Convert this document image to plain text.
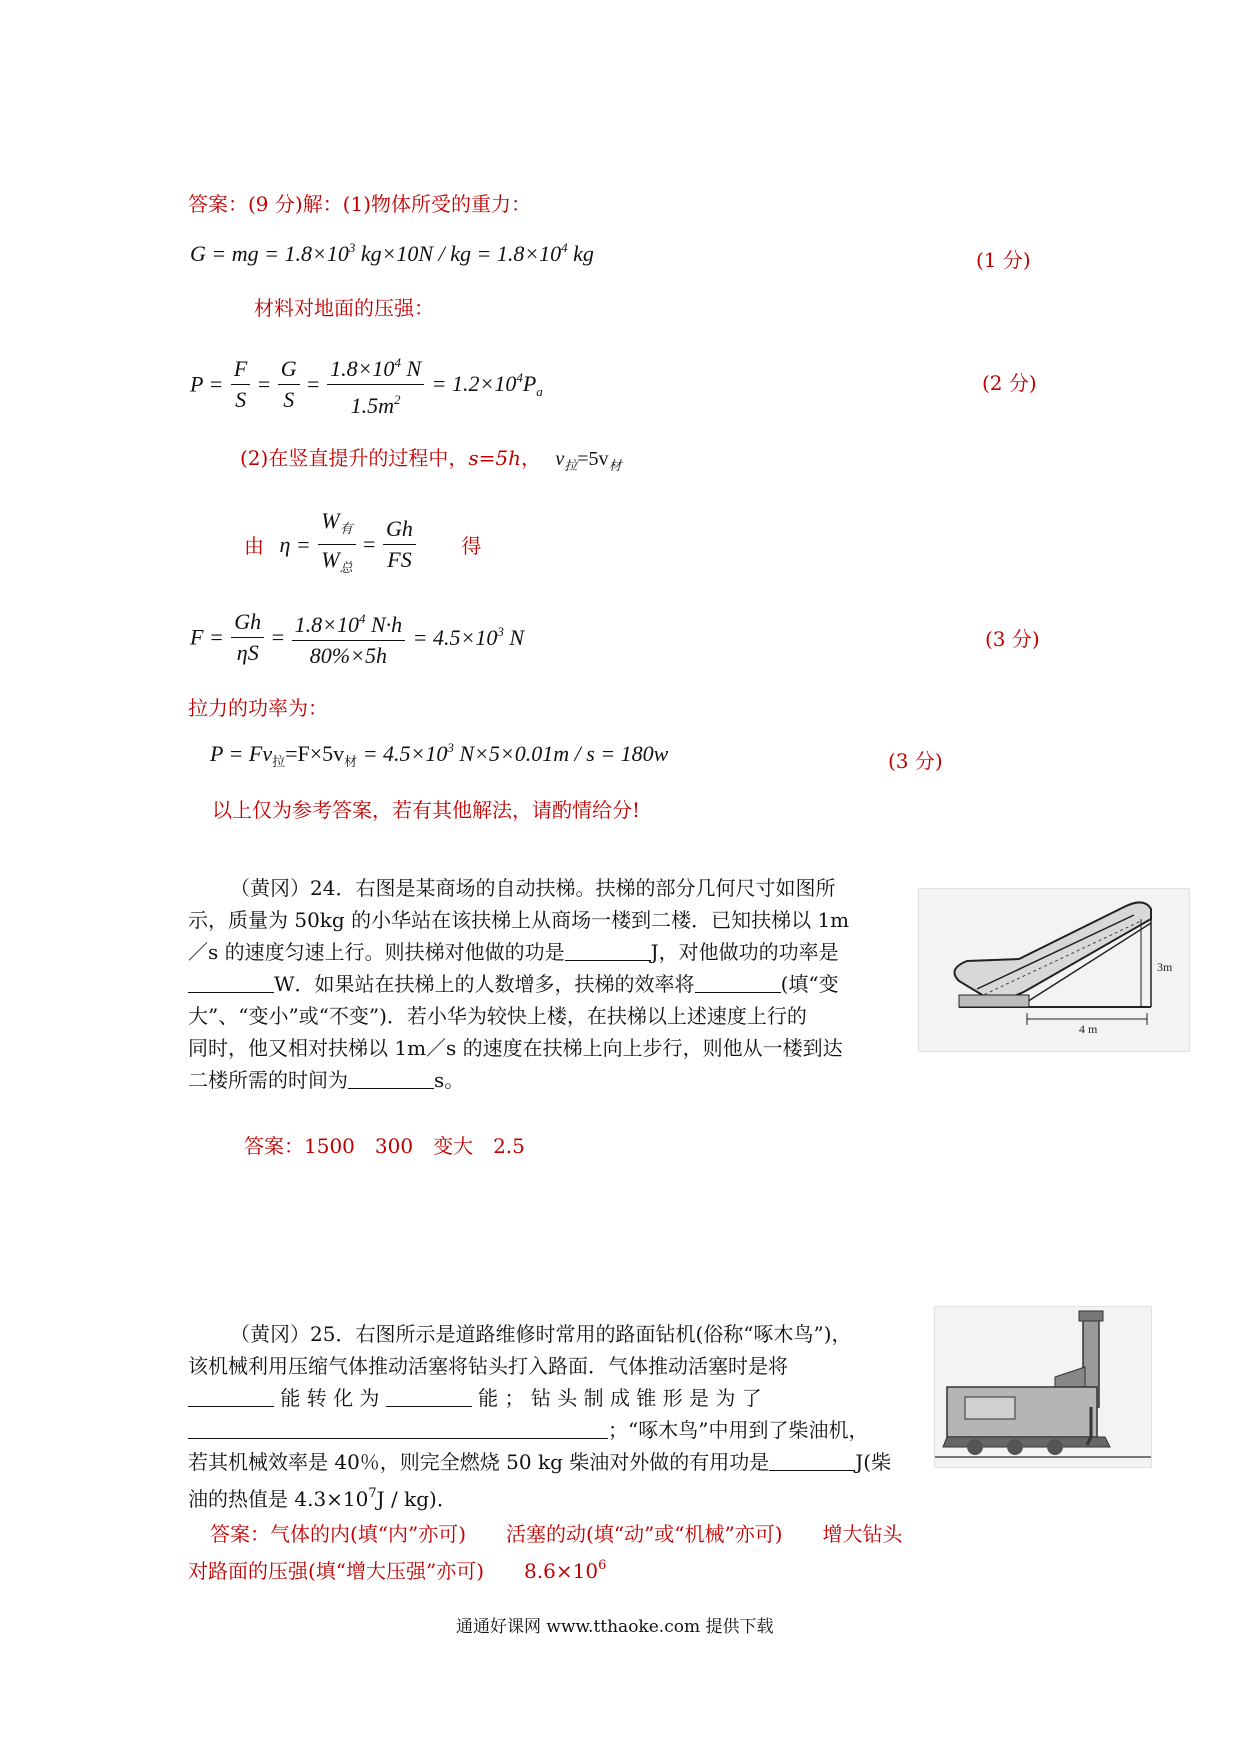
答案：(9 分)解：(1)物体所受的重力：
G = mg = $1.8\times 10^3$ kg×10N / kg = $1.8\times 10^4$ kg	(1 分)
材料对地面的压强：
$P = \frac{F}{S} = \frac{G}{S} = \frac{1.8\times 10^4 N}{1.5m^2} = 1.2\times 10^4P_a$	(2 分)
(2)在竖直提升的过程中，s=5h， $v_拉=5v_材$
由 $\eta = \frac{W_有}{W_总} = \frac{Gh}{FS}$ 得
$F = \frac{Gh}{\eta S} = \frac{1.8\times 10^4 N\cdot h}{80\%\times 5h} = 4.5\times 10^3$ N	(3 分)
拉力的功率为：
$P = Fv_拉=F\times 5v_材 = 4.5\times 10^3$ N×5×0.01m / s = 180w	(3 分)
以上仅为参考答案，若有其他解法，请酌情给分!
（黄冈）24．右图是某商场的自动扶梯。扶梯的部分几何尺寸如图所
示，质量为 50kg 的小华站在该扶梯上从商场一楼到二楼．已知扶梯以 1m
／s 的速度匀速上行。则扶梯对他做的功是	J，对他做功的功率是
W．如果站在扶梯上的人数增多，扶梯的效率将	(填“变
大”、“变小”或“不变”)．若小华为较快上楼，在扶梯以上述速度上行的
同时，他又相对扶梯以 1m／s 的速度在扶梯上向上步行，则他从一楼到达
二楼所需的时间为	s。
4 m
3m
答案：1500　300　变大　2.5
（黄冈）25．右图所示是道路维修时常用的路面钻机(俗称“啄木鸟”)，
该机械利用压缩气体推动活塞将钻头打入路面．气体推动活塞时是将
能 转 化 为	能 ； 钻 头 制 成 锥 形 是 为 了
；“啄木鸟”中用到了柴油机，
若其机械效率是 40％，则完全燃烧 50 kg 柴油对外做的有用功是	J(柴
油的热值是 $4.3\times 10^7J / kg$)．
答案：气体的内(填“内”亦可)　　活塞的动(填“动”或“机械”亦可)　　增大钻头
对路面的压强(填“增大压强”亦可)　　$8.6\times 10^6$
通通好课网 www.tthaoke.com 提供下载
